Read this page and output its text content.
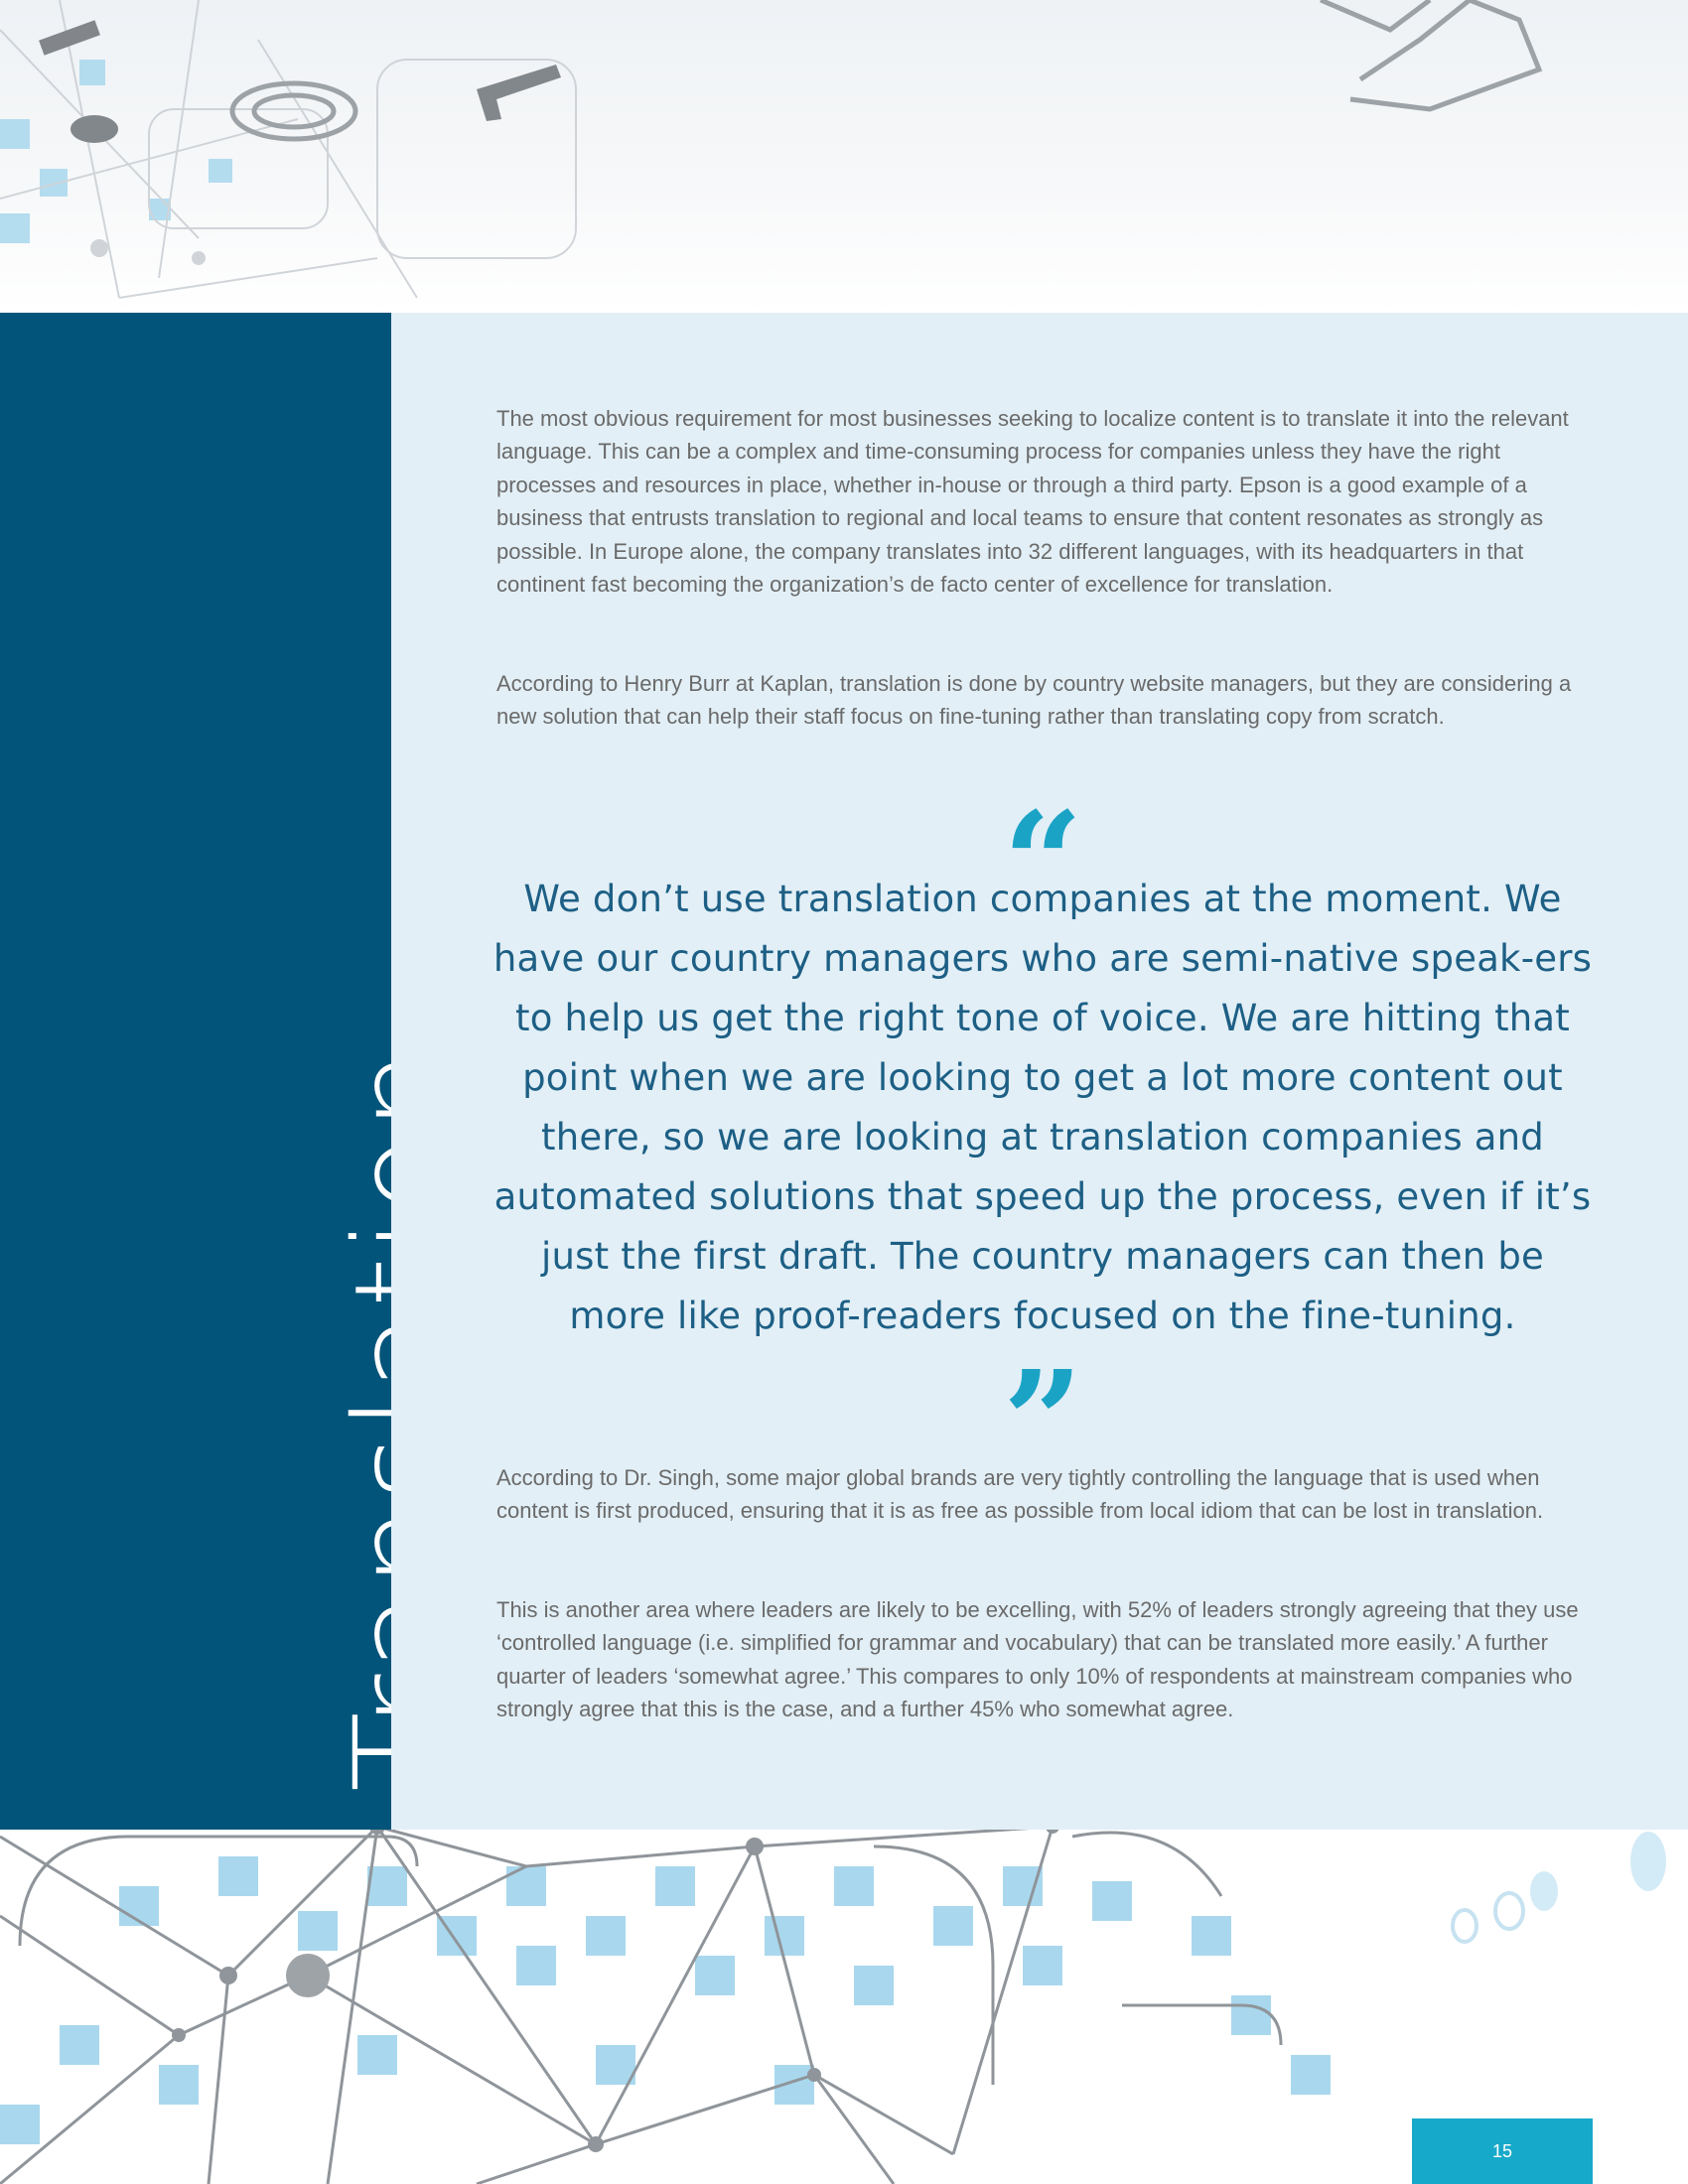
The most obvious requirement for most businesses seeking to localize content is to translate it into the relevant language. This can be a complex and time-consuming process for companies unless they have the right processes and resources in place, whether in-house or through a third party. Epson is a good example of a business that entrusts translation to regional and local teams to ensure that content resonates as strongly as possible. In Europe alone, the company translates into 32 different languages, with its headquarters in that continent fast becoming the organization’s de facto center of excellence for translation.

According to Henry Burr at Kaplan, translation is done by country website managers, but they are considering a new solution that can help their staff focus on fine-tuning rather than translating copy from scratch.

“

We don’t use translation companies at the moment. We have our country managers who are semi-native speak-ers to help us get the right tone of voice. We are hitting that point when we are looking to get a lot more content out there, so we are looking at translation companies and automated solutions that speed up the process, even if it’s just the first draft. The country managers can then be more like proof-readers focused on the fine-tuning.

”

According to Dr. Singh, some major global brands are very tightly controlling the language that is used when content is first produced, ensuring that it is as free as possible from local idiom that can be lost in translation.

This is another area where leaders are likely to be excelling, with 52% of leaders strongly agreeing that they use ‘controlled language (i.e. simplified for grammar and vocabulary) that can be translated more easily.’ A further quarter of leaders ‘somewhat agree.’ This compares to only 10% of respondents at mainstream companies who strongly agree that this is the case, and a further 45% who somewhat agree.

15
